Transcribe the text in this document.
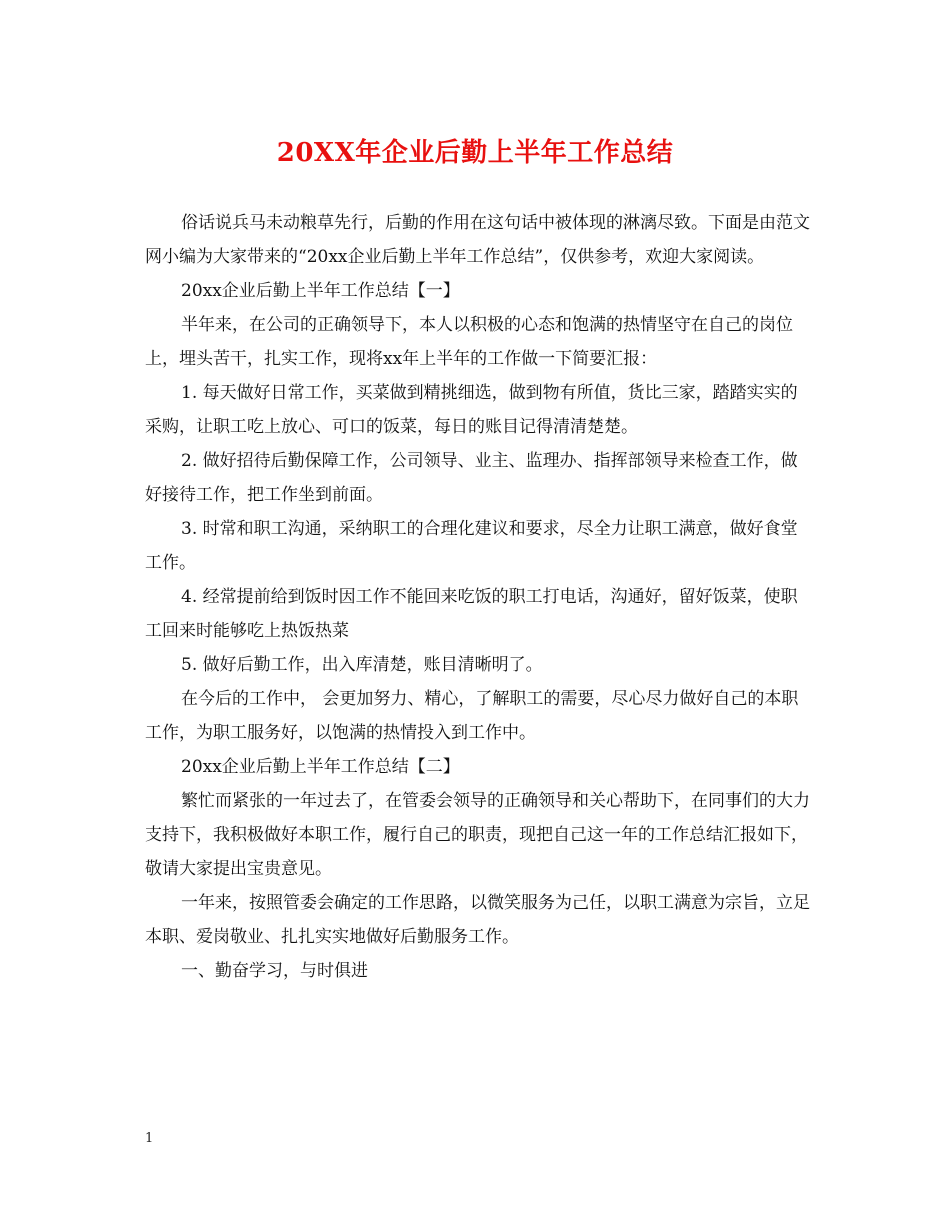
20XX年企业后勤上半年工作总结

俗话说兵马未动粮草先行，后勤的作用在这句话中被体现的淋漓尽致。下面是由范文网小编为大家带来的“20xx企业后勤上半年工作总结”，仅供参考，欢迎大家阅读。

20xx企业后勤上半年工作总结【一】

半年来，在公司的正确领导下，本人以积极的心态和饱满的热情坚守在自己的岗位上，埋头苦干，扎实工作，现将xx年上半年的工作做一下简要汇报：

1. 每天做好日常工作，买菜做到精挑细选，做到物有所值，货比三家，踏踏实实的采购，让职工吃上放心、可口的饭菜，每日的账目记得清清楚楚。

2. 做好招待后勤保障工作，公司领导、业主、监理办、指挥部领导来检查工作，做好接待工作，把工作坐到前面。

3. 时常和职工沟通，采纳职工的合理化建议和要求，尽全力让职工满意，做好食堂工作。

4. 经常提前给到饭时因工作不能回来吃饭的职工打电话，沟通好，留好饭菜，使职工回来时能够吃上热饭热菜

5. 做好后勤工作，出入库清楚，账目清晰明了。

在今后的工作中， 会更加努力、精心，了解职工的需要，尽心尽力做好自己的本职工作，为职工服务好，以饱满的热情投入到工作中。

20xx企业后勤上半年工作总结【二】

繁忙而紧张的一年过去了，在管委会领导的正确领导和关心帮助下，在同事们的大力支持下，我积极做好本职工作，履行自己的职责，现把自己这一年的工作总结汇报如下，敬请大家提出宝贵意见。

一年来，按照管委会确定的工作思路，以微笑服务为己任，以职工满意为宗旨，立足本职、爱岗敬业、扎扎实实地做好后勤服务工作。

一、勤奋学习，与时俱进

1
